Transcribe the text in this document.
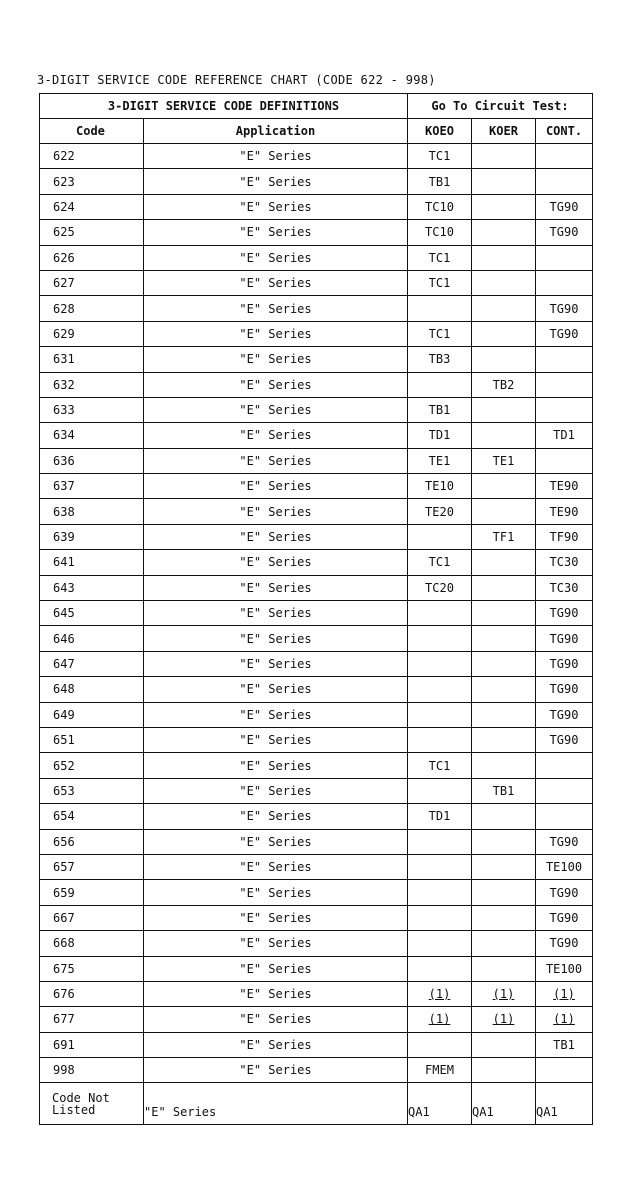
3-DIGIT SERVICE CODE REFERENCE CHART (CODE 622 - 998)

3-DIGIT SERVICE CODE DEFINITIONS		Go To Circuit Test:		
Code	Application	KOEO	KOER	CONT.
622	"E" Series	TC1		
623	"E" Series	TB1		
624	"E" Series	TC10		TG90
625	"E" Series	TC10		TG90
626	"E" Series	TC1		
627	"E" Series	TC1		
628	"E" Series			TG90
629	"E" Series	TC1		TG90
631	"E" Series	TB3		
632	"E" Series		TB2	
633	"E" Series	TB1		
634	"E" Series	TD1		TD1
636	"E" Series	TE1	TE1	
637	"E" Series	TE10		TE90
638	"E" Series	TE20		TE90
639	"E" Series		TF1	TF90
641	"E" Series	TC1		TC30
643	"E" Series	TC20		TC30
645	"E" Series			TG90
646	"E" Series			TG90
647	"E" Series			TG90
648	"E" Series			TG90
649	"E" Series			TG90
651	"E" Series			TG90
652	"E" Series	TC1		
653	"E" Series		TB1	
654	"E" Series	TD1		
656	"E" Series			TG90
657	"E" Series			TE100
659	"E" Series			TG90
667	"E" Series			TG90
668	"E" Series			TG90
675	"E" Series			TE100
676	"E" Series	(1)	(1)	(1)
677	"E" Series	(1)	(1)	(1)
691	"E" Series			TB1
998	"E" Series	FMEM		
Code Not
Listed	"E" Series	QA1	QA1	QA1
